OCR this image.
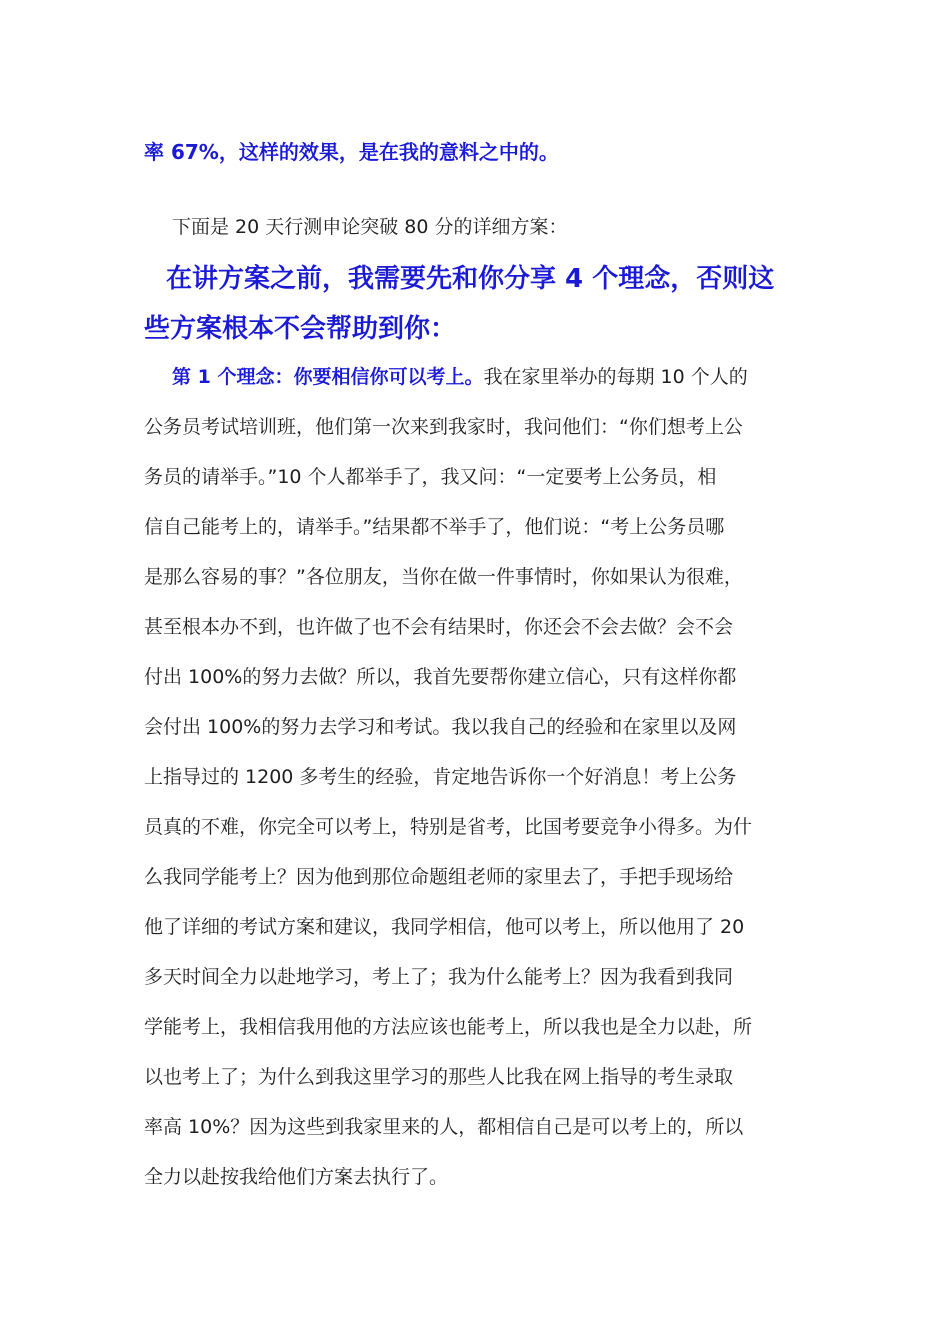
率 67%，这样的效果，是在我的意料之中的。
下面是 20 天行测申论突破 80 分的详细方案：
在讲方案之前，我需要先和你分享 4 个理念，否则这
些方案根本不会帮助到你：
第 1 个理念：你要相信你可以考上。我在家里举办的每期 10 个人的
公务员考试培训班，他们第一次来到我家时，我问他们：“你们想考上公
务员的请举手。”10 个人都举手了，我又问：“一定要考上公务员，相
信自己能考上的，请举手。”结果都不举手了，他们说：“考上公务员哪
是那么容易的事？”各位朋友，当你在做一件事情时，你如果认为很难，
甚至根本办不到，也许做了也不会有结果时，你还会不会去做？会不会
付出 100%的努力去做？所以，我首先要帮你建立信心，只有这样你都
会付出 100%的努力去学习和考试。我以我自己的经验和在家里以及网
上指导过的 1200 多考生的经验，肯定地告诉你一个好消息！考上公务
员真的不难，你完全可以考上，特别是省考，比国考要竞争小得多。为什
么我同学能考上？因为他到那位命题组老师的家里去了，手把手现场给
他了详细的考试方案和建议，我同学相信，他可以考上，所以他用了 20
多天时间全力以赴地学习，考上了；我为什么能考上？因为我看到我同
学能考上，我相信我用他的方法应该也能考上，所以我也是全力以赴，所
以也考上了；为什么到我这里学习的那些人比我在网上指导的考生录取
率高 10%？因为这些到我家里来的人，都相信自己是可以考上的，所以
全力以赴按我给他们方案去执行了。
